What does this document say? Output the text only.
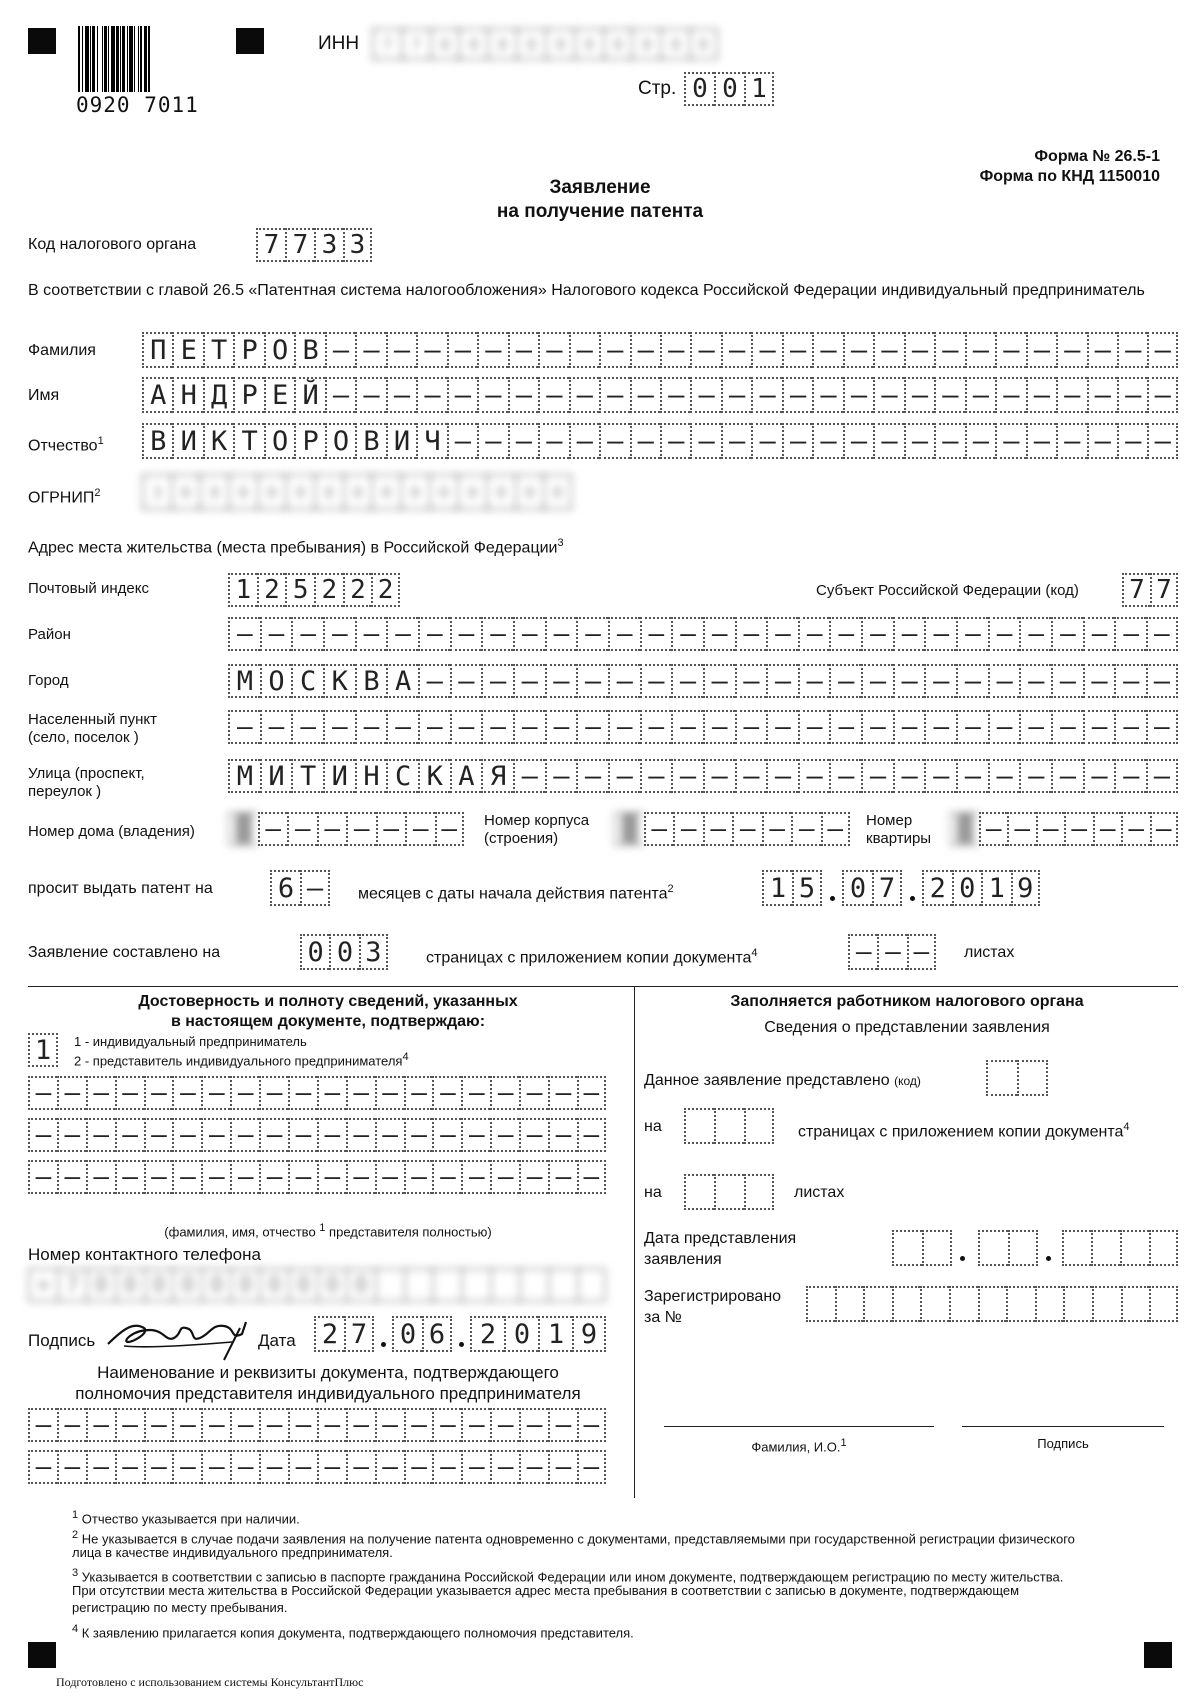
0920 7011
ИНН	7	7	0	0	0	0	0	0	0	0	0	0
Стр. 0 0 1
Форма № 26.5-1
Форма по КНД 1150010
Заявление
на получение патента
Код налогового органа	7 7 3 3
В соответствии с главой 26.5 «Патентная система налогообложения» Налогового кодекса Российской Федерации индивидуальный предприниматель
Фамилия П Е Т Р О В – – – – – – – – – – – – – – – – – – – – – – – – – – – –
Имя	А Н Д Р Е Й – – – – – – – – – – – – – – – – – – – – – – – – – – – –
Отчество$^1$ В И К Т О Р О В И Ч – – – – – – – – – – – – – – – – – – – – – – – –
ОГРНИП$^2$	3	0	0	0	0	0	0	0	0	0	0	0	0	0	0
Адрес места жительства (места пребывания) в Российской Федерации$^3$
Почтовый индекс	1 2 5 2 2 2	Субъект Российской Федерации (код) 7 7
Район	– – – – – – – – – – – – – – – – – – – – – – – – – – – – – –
Город	М О С К В А – – – – – – – – – – – – – – – – – – – – – – – –
Населенный пункт
(село, поселок )	– – – – – – – – – – – – – – – – – – – – – – – – – – – – – –
Улица (проспект,
переулок )	М И Т И Н С К А Я – – – – – – – – – – – – – – – – – – – – –
Номер дома (владения)	█ – – – – – – –	Номер корпуса
(строения)	█ – – – – – – –	Номер
квартиры █ – – – – – – –
просит выдать патент на 6 –	месяцев с даты начала действия патента$^2$	1 5 0 7 2 0 1 9
Заявление составлено на	0 0 3	страницах с приложением копии документа$^4$	– – –	листах
Достоверность и полноту сведений, указанных
в настоящем документе, подтверждаю:
1	1 - индивидуальный предприниматель
2 - представитель индивидуального предпринимателя$^4$
– – – – – – – – – – – – – – – – – – – –
– – – – – – – – – – – – – – – – – – – –
– – – – – – – – – – – – – – – – – – – –
(фамилия, имя, отчество $^1$ представителя полностью)
Номер контактного телефона
+ 7 0 0 0 0 0 0 0 0 0 0
Подпись	Дата 2 7 0 6	2 0 1 9
Наименование и реквизиты документа, подтверждающего
полномочия представителя индивидуального предпринимателя
– – – – – – – – – – – – – – – – – – – –
– – – – – – – – – – – – – – – – – – – –
Заполняется работником налогового органа
Сведения о представлении заявления
Данное заявление представлено (код)
на	страницах с приложением копии документа$^4$
на	листах
Дата представления
заявления
Зарегистрировано
за №
Фамилия, И.О.$^1$	Подпись
$^1$ Отчество указывается при наличии.
$^2$ Не указывается в случае подачи заявления на получение патента одновременно с документами, представляемыми при государственной регистрации физического
лица в качестве индивидуального предпринимателя.
$^3$ Указывается в соответствии с записью в паспорте гражданина Российской Федерации или ином документе, подтверждающем регистрацию по месту жительства.
При отсутствии места жительства в Российской Федерации указывается адрес места пребывания в соответствии с записью в документе, подтверждающем
регистрацию по месту пребывания.
$^4$ К заявлению прилагается копия документа, подтверждающего полномочия представителя.
Подготовлено с использованием системы КонсультантПлюс
